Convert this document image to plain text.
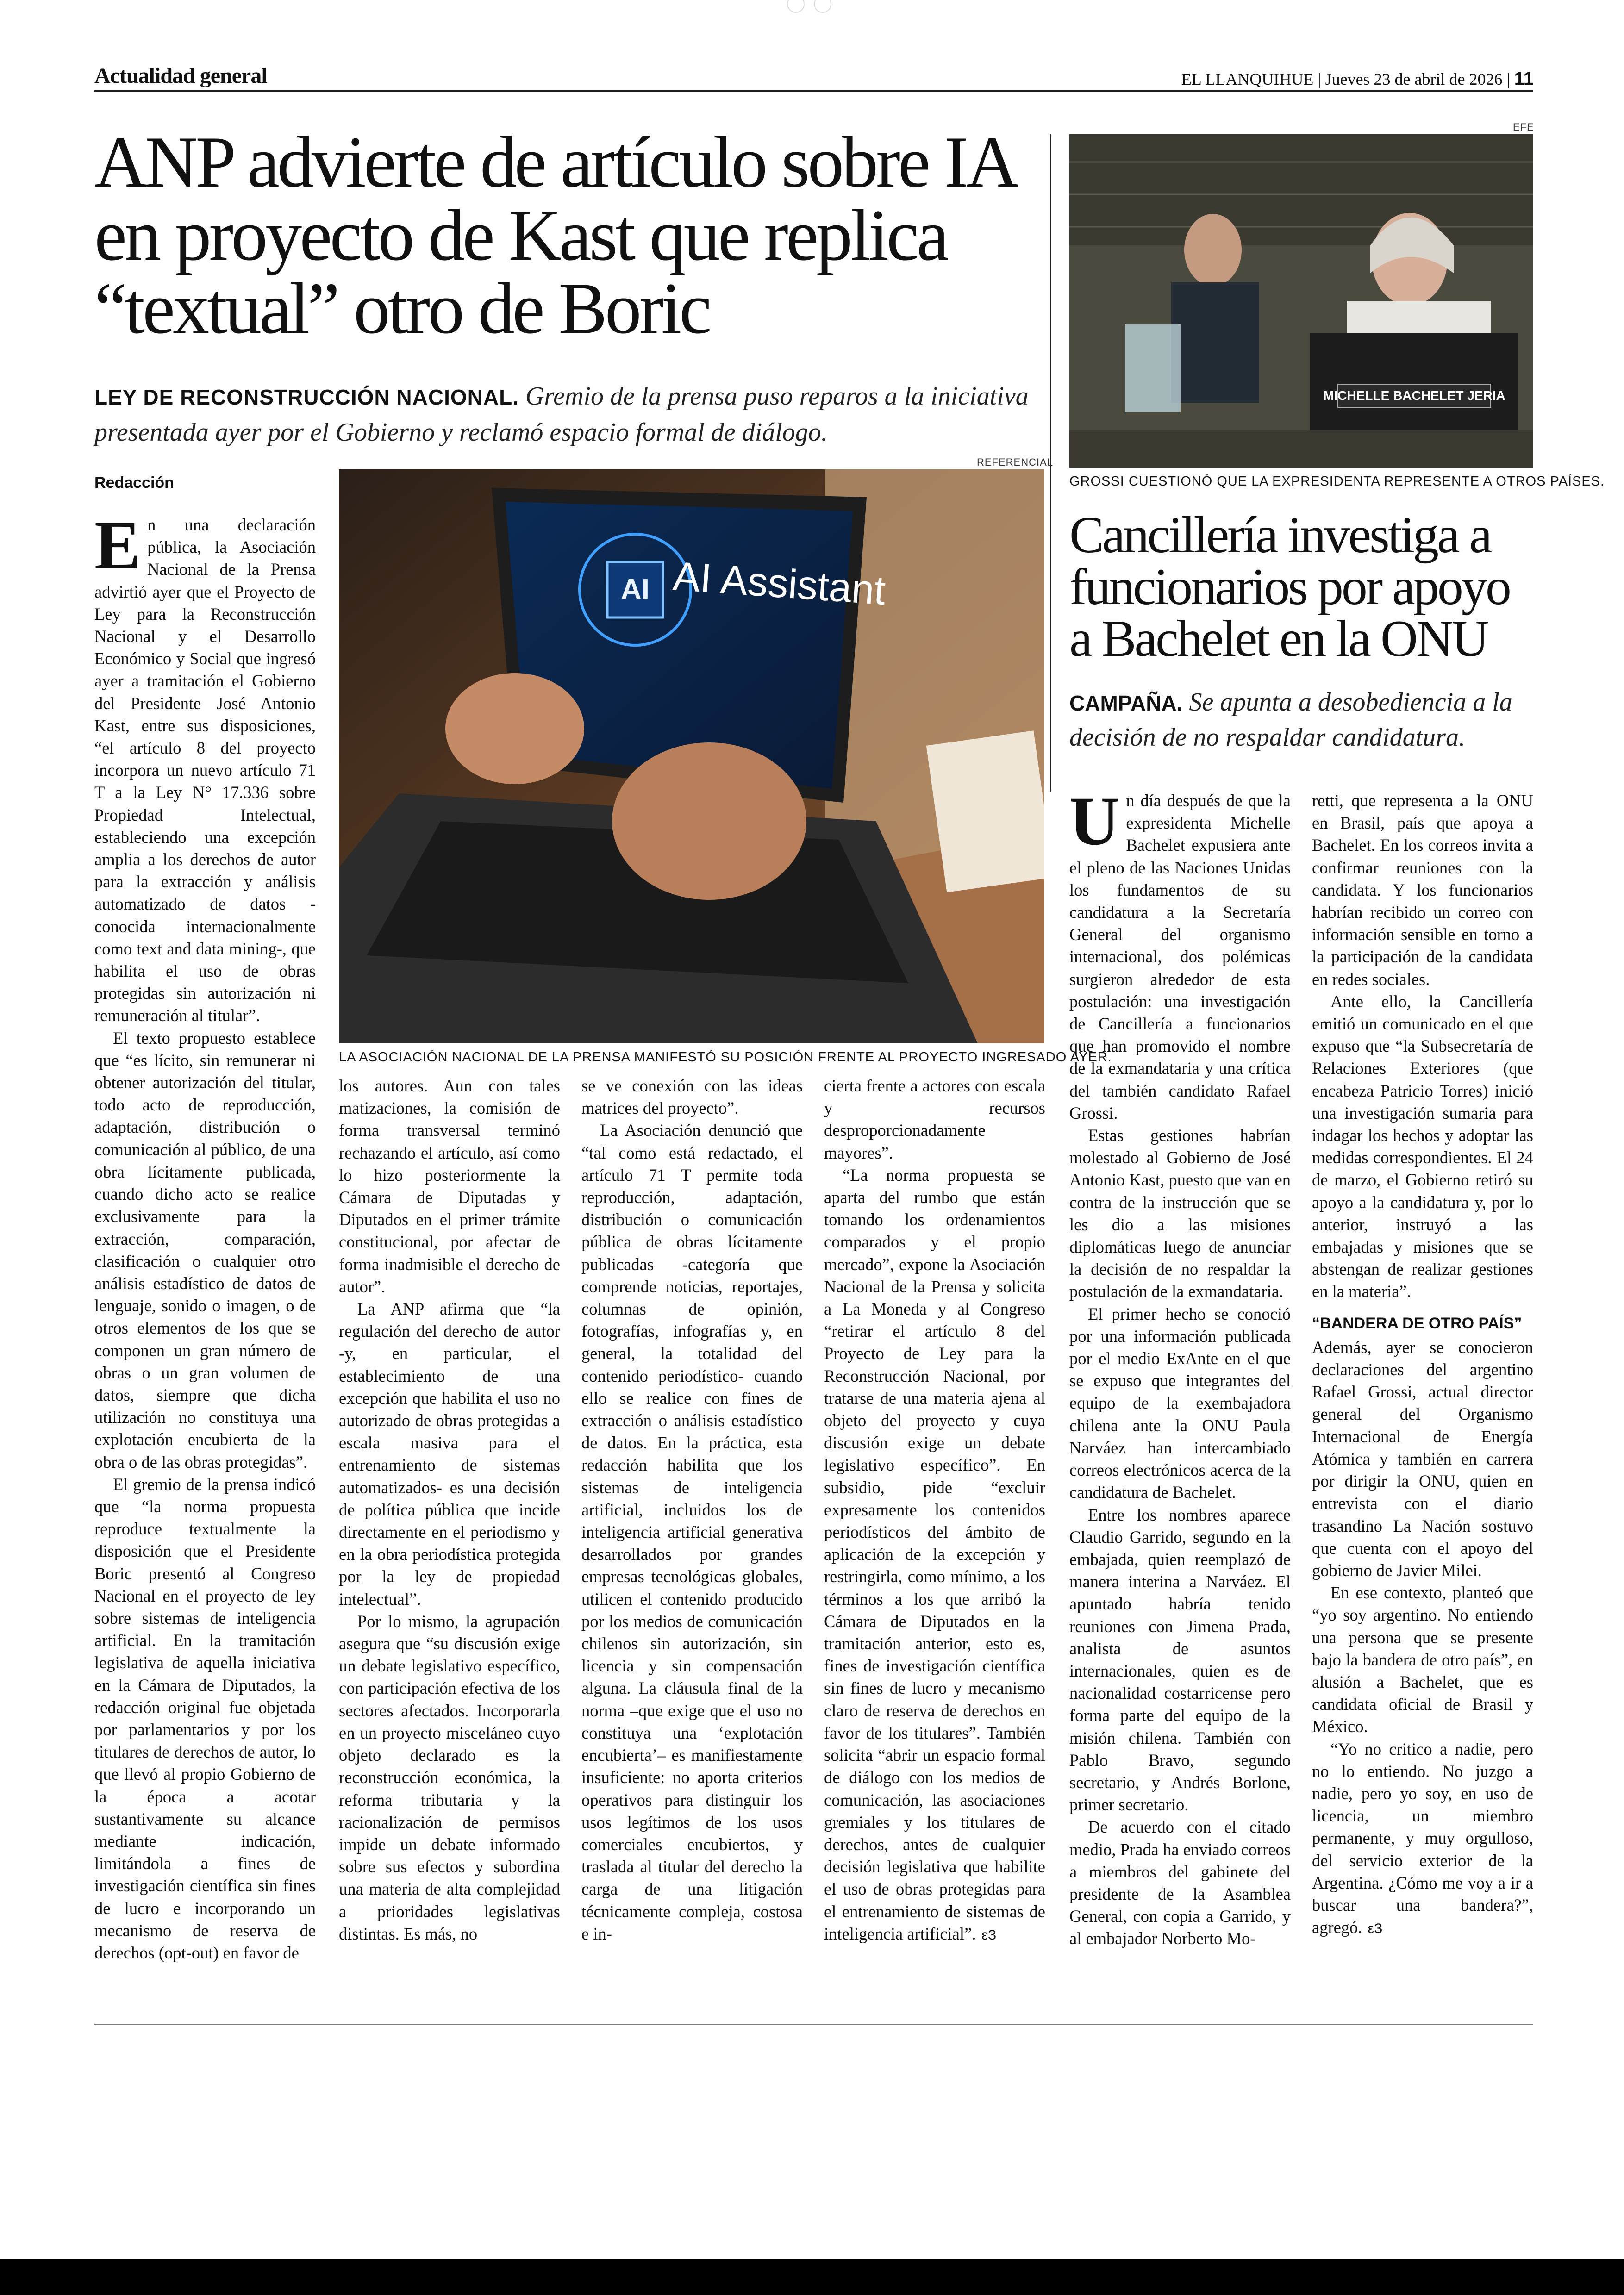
Actualidad general	EL LLANQUIHUE | Jueves 23 de abril de 2026 | 11
ANP advierte de artículo sobre IA en proyecto de Kast que replica “textual” otro de Boric
LEY DE RECONSTRUCCIÓN NACIONAL. Gremio de la prensa puso reparos a la iniciativa presentada ayer por el Gobierno y reclamó espacio formal de diálogo.
Redacción
REFERENCIAL
AI AI Assistant
LA ASOCIACIÓN NACIONAL DE LA PRENSA MANIFESTÓ SU POSICIÓN FRENTE AL PROYECTO INGRESADO AYER.

En una declaración pública, la Asociación Nacional de la Prensa advirtió ayer que el Proyecto de Ley para la Reconstrucción Nacional y el Desarrollo Económico y Social que ingresó ayer a tramitación el Gobierno del Presidente José Antonio Kast, entre sus disposiciones, “el artículo 8 del proyecto incorpora un nuevo artículo 71 T a la Ley N° 17.336 sobre Propiedad Intelectual, estableciendo una excepción amplia a los derechos de autor para la extracción y análisis automatizado de datos -conocida internacionalmente como text and data mining-, que habilita el uso de obras protegidas sin autorización ni remuneración al titular”.

El texto propuesto establece que “es lícito, sin remunerar ni obtener autorización del titular, todo acto de reproducción, adaptación, distribución o comunicación al público, de una obra lícitamente publicada, cuando dicho acto se realice exclusivamente para la extracción, comparación, clasificación o cualquier otro análisis estadístico de datos de lenguaje, sonido o imagen, o de otros elementos de los que se componen un gran número de obras o un gran volumen de datos, siempre que dicha utilización no constituya una explotación encubierta de la obra o de las obras protegidas”.

El gremio de la prensa indicó que “la norma propuesta reproduce textualmente la disposición que el Presidente Boric presentó al Congreso Nacional en el proyecto de ley sobre sistemas de inteligencia artificial. En la tramitación legislativa de aquella iniciativa en la Cámara de Diputados, la redacción original fue objetada por parlamentarios y por los titulares de derechos de autor, lo que llevó al propio Gobierno de la época a acotar sustantivamente su alcance mediante indicación, limitándola a fines de investigación científica sin fines de lucro e incorporando un mecanismo de reserva de derechos (opt-out) en favor de

los autores. Aun con tales matizaciones, la comisión de forma transversal terminó rechazando el artículo, así como lo hizo posteriormente la Cámara de Diputadas y Diputados en el primer trámite constitucional, por afectar de forma inadmisible el derecho de autor”.

La ANP afirma que “la regulación del derecho de autor -y, en particular, el establecimiento de una excepción que habilita el uso no autorizado de obras protegidas a escala masiva para el entrenamiento de sistemas automatizados- es una decisión de política pública que incide directamente en el periodismo y en la obra periodística protegida por la ley de propiedad intelectual”.

Por lo mismo, la agrupación asegura que “su discusión exige un debate legislativo específico, con participación efectiva de los sectores afectados. Incorporarla en un proyecto misceláneo cuyo objeto declarado es la reconstrucción económica, la reforma tributaria y la racionalización de permisos impide un debate informado sobre sus efectos y subordina una materia de alta complejidad a prioridades legislativas distintas. Es más, no

se ve conexión con las ideas matrices del proyecto”.

La Asociación denunció que “tal como está redactado, el artículo 71 T permite toda reproducción, adaptación, distribución o comunicación pública de obras lícitamente publicadas -categoría que comprende noticias, reportajes, columnas de opinión, fotografías, infografías y, en general, la totalidad del contenido periodístico- cuando ello se realice con fines de extracción o análisis estadístico de datos. En la práctica, esta redacción habilita que los sistemas de inteligencia artificial, incluidos los de inteligencia artificial generativa desarrollados por grandes empresas tecnológicas globales, utilicen el contenido producido por los medios de comunicación chilenos sin autorización, sin licencia y sin compensación alguna. La cláusula final de la norma –que exige que el uso no constituya una ‘explotación encubierta’– es manifiestamente insuficiente: no aporta criterios operativos para distinguir los usos legítimos de los usos comerciales encubiertos, y traslada al titular del derecho la carga de una litigación técnicamente compleja, costosa e in-

cierta frente a actores con escala y recursos desproporcionadamente mayores”.

“La norma propuesta se aparta del rumbo que están tomando los ordenamientos comparados y el propio mercado”, expone la Asociación Nacional de la Prensa y solicita a La Moneda y al Congreso “retirar el artículo 8 del Proyecto de Ley para la Reconstrucción Nacional, por tratarse de una materia ajena al objeto del proyecto y cuya discusión exige un debate legislativo específico”. En subsidio, pide “excluir expresamente los contenidos periodísticos del ámbito de aplicación de la excepción y restringirla, como mínimo, a los términos a los que arribó la Cámara de Diputados en la tramitación anterior, esto es, fines de investigación científica sin fines de lucro y mecanismo claro de reserva de derechos en favor de los titulares”. También solicita “abrir un espacio formal de diálogo con los medios de comunicación, las asociaciones gremiales y los titulares de derechos, antes de cualquier decisión legislativa que habilite el uso de obras protegidas para el entrenamiento de sistemas de inteligencia artificial”. ԑЗ

EFE
MICHELLE BACHELET JERIA
GROSSI CUESTIONÓ QUE LA EXPRESIDENTA REPRESENTE A OTROS PAÍSES.
Cancillería investiga a funcionarios por apoyo a Bachelet en la ONU
CAMPAÑA. Se apunta a desobediencia a la decisión de no respaldar candidatura.

Un día después de que la expresidenta Michelle Bachelet expusiera ante el pleno de las Naciones Unidas los fundamentos de su candidatura a la Secretaría General del organismo internacional, dos polémicas surgieron alrededor de esta postulación: una investigación de Cancillería a funcionarios que han promovido el nombre de la exmandataria y una crítica del también candidato Rafael Grossi.

Estas gestiones habrían molestado al Gobierno de José Antonio Kast, puesto que van en contra de la instrucción que se les dio a las misiones diplomáticas luego de anunciar la decisión de no respaldar la postulación de la exmandataria.

El primer hecho se conoció por una información publicada por el medio ExAnte en el que se expuso que integrantes del equipo de la exembajadora chilena ante la ONU Paula Narváez han intercambiado correos electrónicos acerca de la candidatura de Bachelet.

Entre los nombres aparece Claudio Garrido, segundo en la embajada, quien reemplazó de manera interina a Narváez. El apuntado habría tenido reuniones con Jimena Prada, analista de asuntos internacionales, quien es de nacionalidad costarricense pero forma parte del equipo de la misión chilena. También con Pablo Bravo, segundo secretario, y Andrés Borlone, primer secretario.

De acuerdo con el citado medio, Prada ha enviado correos a miembros del gabinete del presidente de la Asamblea General, con copia a Garrido, y al embajador Norberto Mo-

retti, que representa a la ONU en Brasil, país que apoya a Bachelet. En los correos invita a confirmar reuniones con la candidata. Y los funcionarios habrían recibido un correo con información sensible en torno a la participación de la candidata en redes sociales.

Ante ello, la Cancillería emitió un comunicado en el que expuso que “la Subsecretaría de Relaciones Exteriores (que encabeza Patricio Torres) inició una investigación sumaria para indagar los hechos y adoptar las medidas correspondientes. El 24 de marzo, el Gobierno retiró su apoyo a la candidatura y, por lo anterior, instruyó a las embajadas y misiones que se abstengan de realizar gestiones en la materia”.

“BANDERA DE OTRO PAÍS”

Además, ayer se conocieron declaraciones del argentino Rafael Grossi, actual director general del Organismo Internacional de Energía Atómica y también en carrera por dirigir la ONU, quien en entrevista con el diario trasandino La Nación sostuvo que cuenta con el apoyo del gobierno de Javier Milei.

En ese contexto, planteó que “yo soy argentino. No entiendo una persona que se presente bajo la bandera de otro país”, en alusión a Bachelet, que es candidata oficial de Brasil y México.

“Yo no critico a nadie, pero no lo entiendo. No juzgo a nadie, pero yo soy, en uso de licencia, un miembro permanente, y muy orgulloso, del servicio exterior de la Argentina. ¿Cómo me voy a ir a buscar una bandera?”, agregó. ԑЗ
